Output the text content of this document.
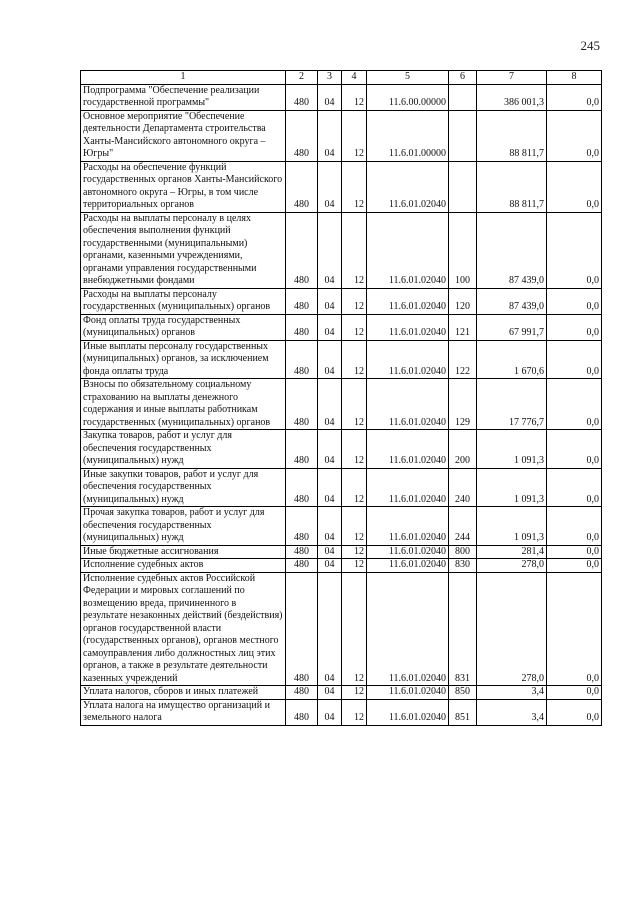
245
1	2	3	4	5	6	7	8
Подпрограмма "Обеспечение реализации государственной программы"	480	04	12	11.6.00.00000		386 001,3	0,0
Основное мероприятие "Обеспечение деятельности Департамента строительства Ханты-Мансийского автономного округа – Югры"	480	04	12	11.6.01.00000		88 811,7	0,0
Расходы на обеспечение функций государственных органов Ханты-Мансийского автономного округа – Югры, в том числе территориальных органов	480	04	12	11.6.01.02040		88 811,7	0,0
Расходы на выплаты персоналу в целях обеспечения выполнения функций государственными (муниципальными) органами, казенными учреждениями, органами управления государственными внебюджетными фондами	480	04	12	11.6.01.02040	100	87 439,0	0,0
Расходы на выплаты персоналу государственных (муниципальных) органов	480	04	12	11.6.01.02040	120	87 439,0	0,0
Фонд оплаты труда государственных (муниципальных) органов	480	04	12	11.6.01.02040	121	67 991,7	0,0
Иные выплаты персоналу государственных (муниципальных) органов, за исключением фонда оплаты труда	480	04	12	11.6.01.02040	122	1 670,6	0,0
Взносы по обязательному социальному страхованию на выплаты денежного содержания и иные выплаты работникам государственных (муниципальных) органов	480	04	12	11.6.01.02040	129	17 776,7	0,0
Закупка товаров, работ и услуг для обеспечения государственных (муниципальных) нужд	480	04	12	11.6.01.02040	200	1 091,3	0,0
Иные закупки товаров, работ и услуг для обеспечения государственных (муниципальных) нужд	480	04	12	11.6.01.02040	240	1 091,3	0,0
Прочая закупка товаров, работ и услуг для обеспечения государственных (муниципальных) нужд	480	04	12	11.6.01.02040	244	1 091,3	0,0
Иные бюджетные ассигнования	480	04	12	11.6.01.02040	800	281,4	0,0
Исполнение судебных актов	480	04	12	11.6.01.02040	830	278,0	0,0
Исполнение судебных актов Российской Федерации и мировых соглашений по возмещению вреда, причиненного в результате незаконных действий (бездействия) органов государственной власти (государственных органов), органов местного самоуправления либо должностных лиц этих органов, а также в результате деятельности казенных учреждений	480	04	12	11.6.01.02040	831	278,0	0,0
Уплата налогов, сборов и иных платежей	480	04	12	11.6.01.02040	850	3,4	0,0
Уплата налога на имущество организаций и земельного налога	480	04	12	11.6.01.02040	851	3,4	0,0
